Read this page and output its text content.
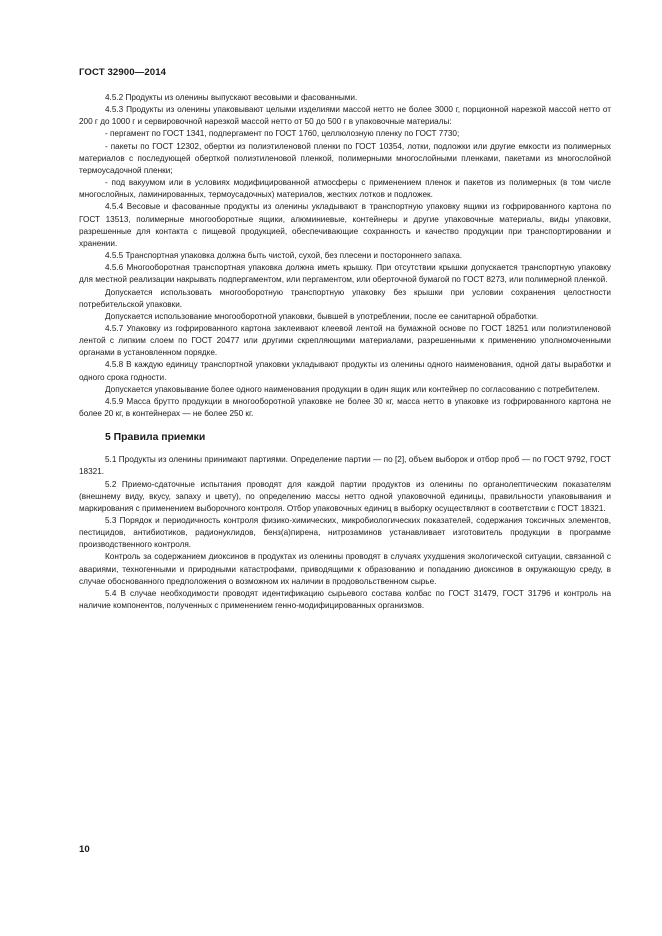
ГОСТ 32900—2014

4.5.2 Продукты из оленины выпускают весовыми и фасованными.

4.5.3 Продукты из оленины упаковывают целыми изделиями массой нетто не более 3000 г, порционной нарезкой массой нетто от 200 г до 1000 г и сервировочной нарезкой массой нетто от 50 до 500 г в упаковочные материалы:

- пергамент по ГОСТ 1341, подпергамент по ГОСТ 1760, целлюлозную пленку по ГОСТ 7730;

- пакеты по ГОСТ 12302, обертки из полиэтиленовой пленки по ГОСТ 10354, лотки, подложки или другие емкости из полимерных материалов с последующей оберткой полиэтиленовой пленкой, полимерными многослойными пленками, пакетами из многослойной термоусадочной пленки;

- под вакуумом или в условиях модифицированной атмосферы с применением пленок и пакетов из полимерных (в том числе многослойных, ламинированных, термоусадочных) материалов, жестких лотков и подложек.

4.5.4 Весовые и фасованные продукты из оленины укладывают в транспортную упаковку ящики из гофрированного картона по ГОСТ 13513, полимерные многооборотные ящики, алюминиевые, контейнеры и другие упаковочные материалы, виды упаковки, разрешенные для контакта с пищевой продукцией, обеспечивающие сохранность и качество продукции при транспортировании и хранении.

4.5.5 Транспортная упаковка должна быть чистой, сухой, без плесени и постороннего запаха.

4.5.6 Многооборотная транспортная упаковка должна иметь крышку. При отсутствии крышки допускается транспортную упаковку для местной реализации накрывать подпергаментом, или пергаментом, или оберточной бумагой по ГОСТ 8273, или полимерной пленкой.

Допускается использовать многооборотную транспортную упаковку без крышки при условии сохранения целостности потребительской упаковки.

Допускается использование многооборотной упаковки, бывшей в употреблении, после ее санитарной обработки.

4.5.7 Упаковку из гофрированного картона заклеивают клеевой лентой на бумажной основе по ГОСТ 18251 или полиэтиленовой лентой с липким слоем по ГОСТ 20477 или другими скрепляющими материалами, разрешенными к применению уполномоченными органами в установленном порядке.

4.5.8 В каждую единицу транспортной упаковки укладывают продукты из оленины одного наименования, одной даты выработки и одного срока годности.

Допускается упаковывание более одного наименования продукции в один ящик или контейнер по согласованию с потребителем.

4.5.9 Масса брутто продукции в многооборотной упаковке не более 30 кг, масса нетто в упаковке из гофрированного картона не более 20 кг, в контейнерах — не более 250 кг.

5 Правила приемки

5.1 Продукты из оленины принимают партиями. Определение партии — по [2], объем выборок и отбор проб — по ГОСТ 9792, ГОСТ 18321.

5.2 Приемо-сдаточные испытания проводят для каждой партии продуктов из оленины по органолептическим показателям (внешнему виду, вкусу, запаху и цвету), по определению массы нетто одной упаковочной единицы, правильности упаковывания и маркирования с применением выборочного контроля. Отбор упаковочных единиц в выборку осуществляют в соответствии с ГОСТ 18321.

5.3 Порядок и периодичность контроля физико-химических, микробиологических показателей, содержания токсичных элементов, пестицидов, антибиотиков, радионуклидов, бенз(а)пирена, нитрозаминов устанавливает изготовитель продукции в программе производственного контроля.

Контроль за содержанием диоксинов в продуктах из оленины проводят в случаях ухудшения экологической ситуации, связанной с авариями, техногенными и природными катастрофами, приводящими к образованию и попаданию диоксинов в окружающую среду, в случае обоснованного предположения о возможном их наличии в продовольственном сырье.

5.4 В случае необходимости проводят идентификацию сырьевого состава колбас по ГОСТ 31479, ГОСТ 31796 и контроль на наличие компонентов, полученных с применением генно-модифицированных организмов.

10
